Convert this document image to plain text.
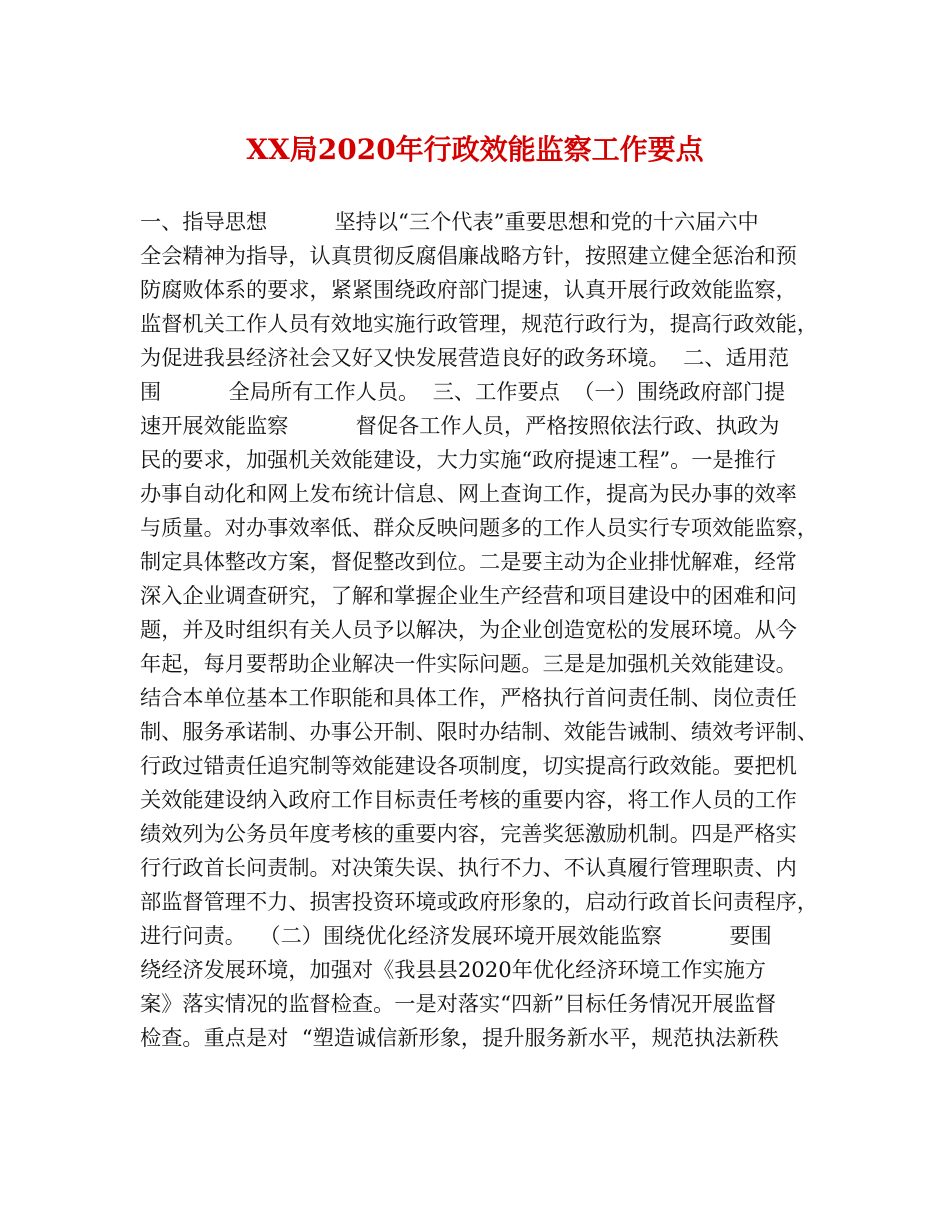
XX局2020年行政效能监察工作要点
一、指导思想          坚持以“三个代表”重要思想和党的十六届六中
全会精神为指导，认真贯彻反腐倡廉战略方针，按照建立健全惩治和预
防腐败体系的要求，紧紧围绕政府部门提速，认真开展行政效能监察，
监督机关工作人员有效地实施行政管理，规范行政行为，提高行政效能，
为促进我县经济社会又好又快发展营造良好的政务环境。  二、适用范
围          全局所有工作人员。  三、工作要点  （一）围绕政府部门提
速开展效能监察          督促各工作人员，严格按照依法行政、执政为
民的要求，加强机关效能建设，大力实施“政府提速工程”。一是推行
办事自动化和网上发布统计信息、网上查询工作，提高为民办事的效率
与质量。对办事效率低、群众反映问题多的工作人员实行专项效能监察，
制定具体整改方案，督促整改到位。二是要主动为企业排忧解难，经常
深入企业调查研究，了解和掌握企业生产经营和项目建设中的困难和问
题，并及时组织有关人员予以解决，为企业创造宽松的发展环境。从今
年起，每月要帮助企业解决一件实际问题。三是是加强机关效能建设。
结合本单位基本工作职能和具体工作，严格执行首问责任制、岗位责任
制、服务承诺制、办事公开制、限时办结制、效能告诫制、绩效考评制、
行政过错责任追究制等效能建设各项制度，切实提高行政效能。要把机
关效能建设纳入政府工作目标责任考核的重要内容，将工作人员的工作
绩效列为公务员年度考核的重要内容，完善奖惩激励机制。四是严格实
行行政首长问责制。对决策失误、执行不力、不认真履行管理职责、内
部监督管理不力、损害投资环境或政府形象的，启动行政首长问责程序，
进行问责。  （二）围绕优化经济发展环境开展效能监察          要围
绕经济发展环境，加强对《我县县2020年优化经济环境工作实施方
案》落实情况的监督检查。一是对落实“四新”目标任务情况开展监督
检查。重点是对  “塑造诚信新形象，提升服务新水平，规范执法新秩
